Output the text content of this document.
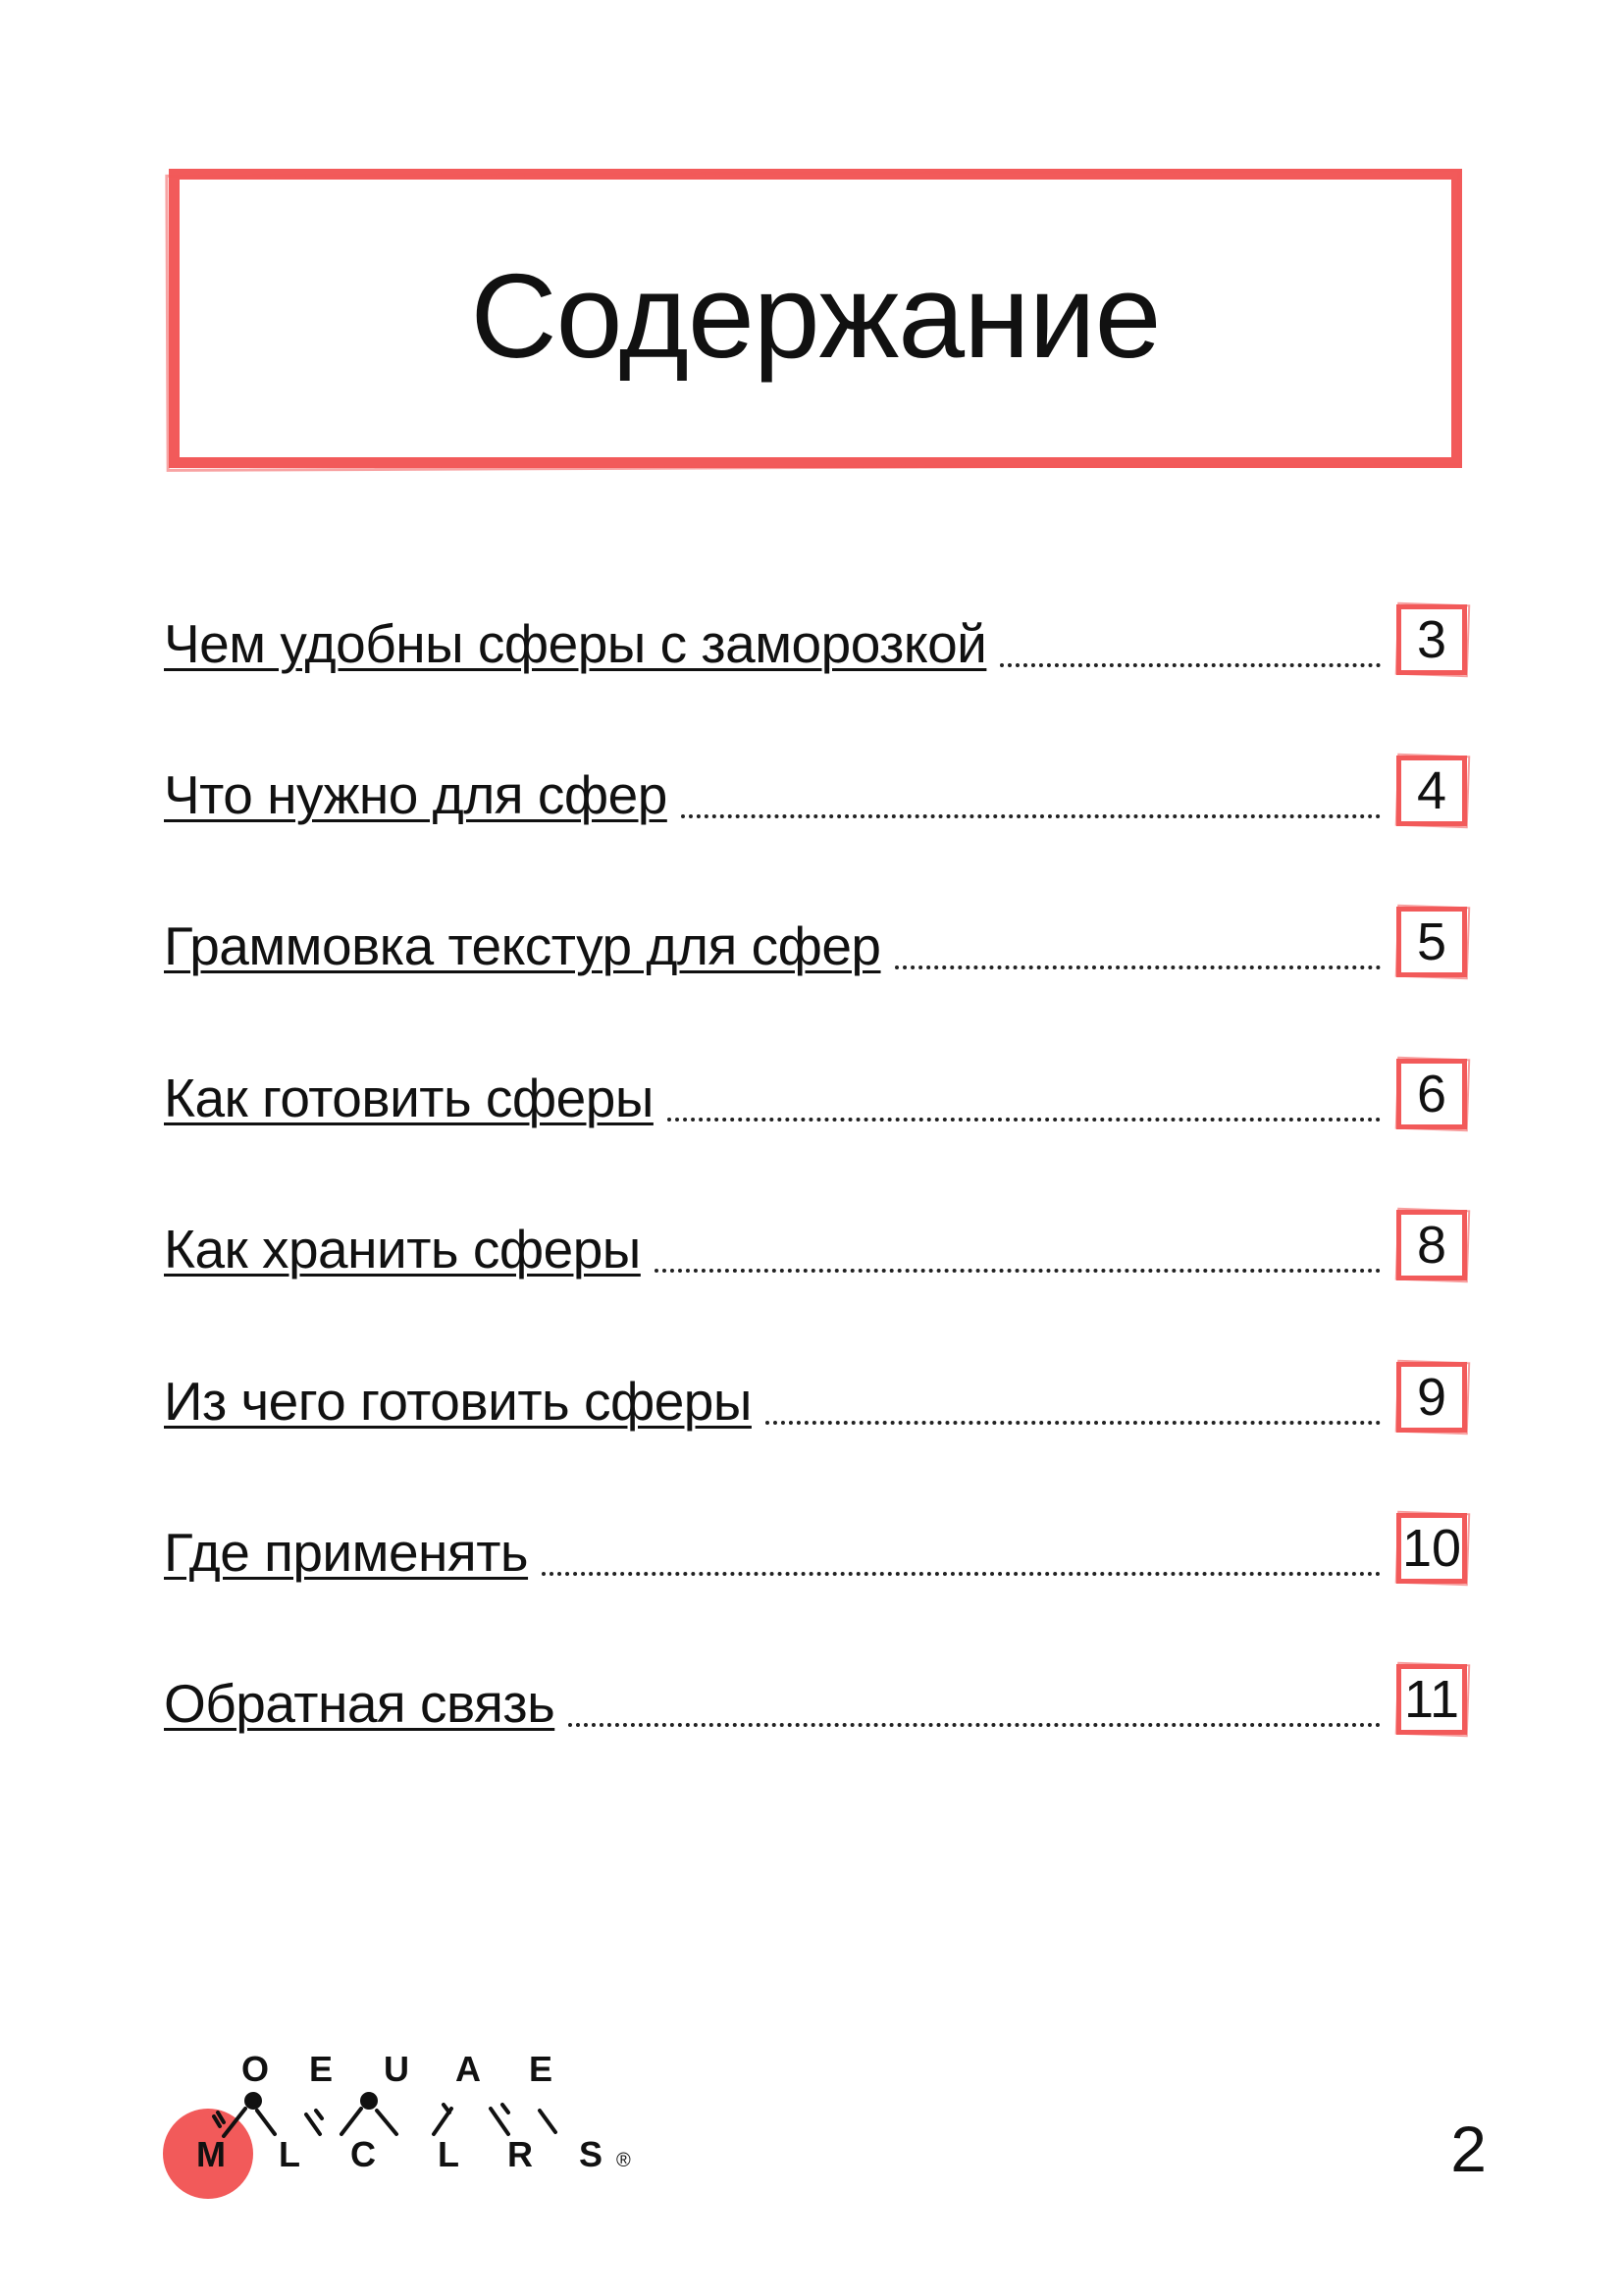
Содержание
Чем удобны сферы с заморозкой	3
Что нужно для сфер	4
Граммовка текстур для сфер	5
Как готовить сферы	6
Как хранить сферы	8
Из чего готовить сферы	9
Где применять	10
Обратная связь	11
O E U A E
M L C L R S ®	2
